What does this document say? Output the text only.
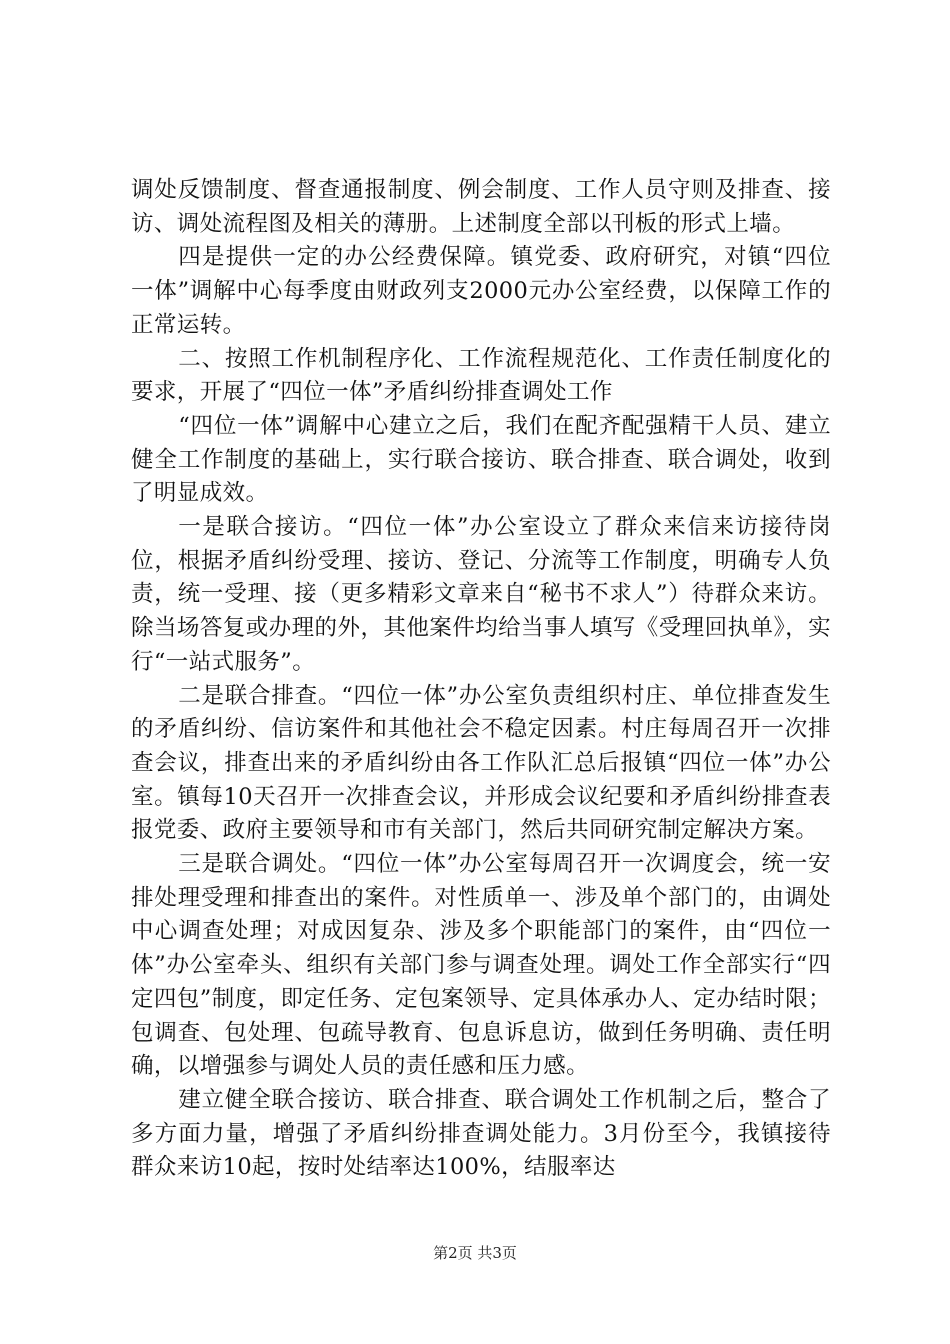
调处反馈制度、督查通报制度、例会制度、工作人员守则及排查、接访、调处流程图及相关的薄册。上述制度全部以刊板的形式上墙。

四是提供一定的办公经费保障。镇党委、政府研究，对镇“四位一体”调解中心每季度由财政列支2000元办公室经费，以保障工作的正常运转。

二、按照工作机制程序化、工作流程规范化、工作责任制度化的要求，开展了“四位一体”矛盾纠纷排查调处工作

“四位一体”调解中心建立之后，我们在配齐配强精干人员、建立健全工作制度的基础上，实行联合接访、联合排查、联合调处，收到了明显成效。

一是联合接访。“四位一体”办公室设立了群众来信来访接待岗位，根据矛盾纠纷受理、接访、登记、分流等工作制度，明确专人负责，统一受理、接（更多精彩文章来自“秘书不求人”）待群众来访。除当场答复或办理的外，其他案件均给当事人填写《受理回执单》，实行“一站式服务”。

二是联合排查。“四位一体”办公室负责组织村庄、单位排查发生的矛盾纠纷、信访案件和其他社会不稳定因素。村庄每周召开一次排查会议，排查出来的矛盾纠纷由各工作队汇总后报镇“四位一体”办公室。镇每10天召开一次排查会议，并形成会议纪要和矛盾纠纷排查表报党委、政府主要领导和市有关部门，然后共同研究制定解决方案。

三是联合调处。“四位一体”办公室每周召开一次调度会，统一安排处理受理和排查出的案件。对性质单一、涉及单个部门的，由调处中心调查处理；对成因复杂、涉及多个职能部门的案件，由“四位一体”办公室牵头、组织有关部门参与调查处理。调处工作全部实行“四定四包”制度，即定任务、定包案领导、定具体承办人、定办结时限；包调查、包处理、包疏导教育、包息诉息访，做到任务明确、责任明确，以增强参与调处人员的责任感和压力感。

建立健全联合接访、联合排查、联合调处工作机制之后，整合了多方面力量，增强了矛盾纠纷排查调处能力。3月份至今，我镇接待群众来访10起，按时处结率达100%，结服率达

第2页 共3页
